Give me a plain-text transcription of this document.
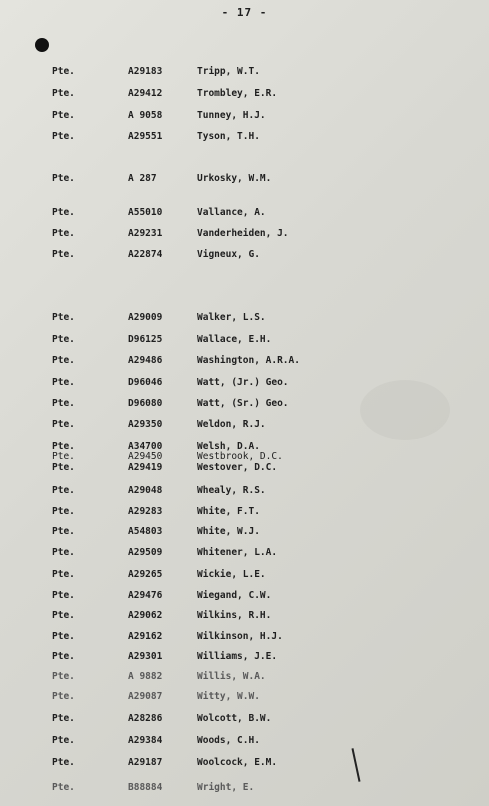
- 17 -
Pte.	A29183	Tripp, W.T.
Pte.	A29412	Trombley, E.R.
Pte.	A 9058	Tunney, H.J.
Pte.	A29551	Tyson, T.H.
Pte.	A 287	Urkosky, W.M.
Pte.	A55010	Vallance, A.
Pte.	A29231	Vanderheiden, J.
Pte.	A22874	Vigneux, G.
Pte.	A29009	Walker, L.S.
Pte.	D96125	Wallace, E.H.
Pte.	A29486	Washington, A.R.A.
Pte.	D96046	Watt, (Jr.) Geo.
Pte.	D96080	Watt, (Sr.) Geo.
Pte.	A29350	Weldon, R.J.
Pte.	A34700	Welsh, D.A.
Pte.	A29450	Westbrook, D.C.
Pte.	A29419	Westover, D.C.
Pte.	A29048	Whealy, R.S.
Pte.	A29283	White, F.T.
Pte.	A54803	White, W.J.
Pte.	A29509	Whitener, L.A.
Pte.	A29265	Wickie, L.E.
Pte.	A29476	Wiegand, C.W.
Pte.	A29062	Wilkins, R.H.
Pte.	A29162	Wilkinson, H.J.
Pte.	A29301	Williams, J.E.
Pte.	A 9882	Willis, W.A.
Pte.	A29087	Witty, W.W.
Pte.	A28286	Wolcott, B.W.
Pte.	A29384	Woods, C.H.
Pte.	A29187	Woolcock, E.M.
Pte.	B88884	Wright, E.
